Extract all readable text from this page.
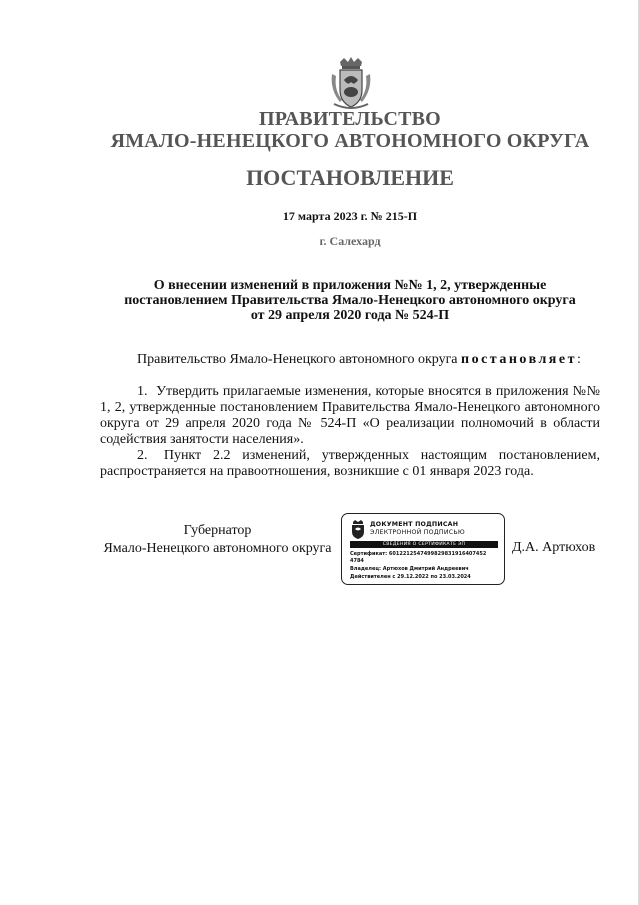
ПРАВИТЕЛЬСТВО
ЯМАЛО-НЕНЕЦКОГО АВТОНОМНОГО ОКРУГА
ПОСТАНОВЛЕНИЕ
17 марта 2023 г. № 215-П
г. Салехард
О внесении изменений в приложения №№ 1, 2, утвержденные
постановлением Правительства Ямало-Ненецкого автономного округа
от 29 апреля 2020 года № 524-П
Правительство Ямало-Ненецкого автономного округа постановляет:

1. Утвердить прилагаемые изменения, которые вносятся в приложения №№ 1, 2, утвержденные постановлением Правительства Ямало-Ненецкого автономного округа от 29 апреля 2020 года № 524-П «О реализации полномочий в области содействия занятости населения».

2. Пункт 2.2 изменений, утвержденных настоящим постановлением, распространяется на правоотношения, возникшие с 01 января 2023 года.

Губернатор
Ямало-Ненецкого автономного округа
ДОКУМЕНТ ПОДПИСАН
ЭЛЕКТРОННОЙ ПОДПИСЬЮ
СВЕДЕНИЯ О СЕРТИФИКАТЕ ЭП
Сертификат: 6012212547499829831916407452
4784
Владелец: Артюхов Дмитрий Андреевич
Действителен с 29.12.2022 по 23.03.2024
Д.А. Артюхов
